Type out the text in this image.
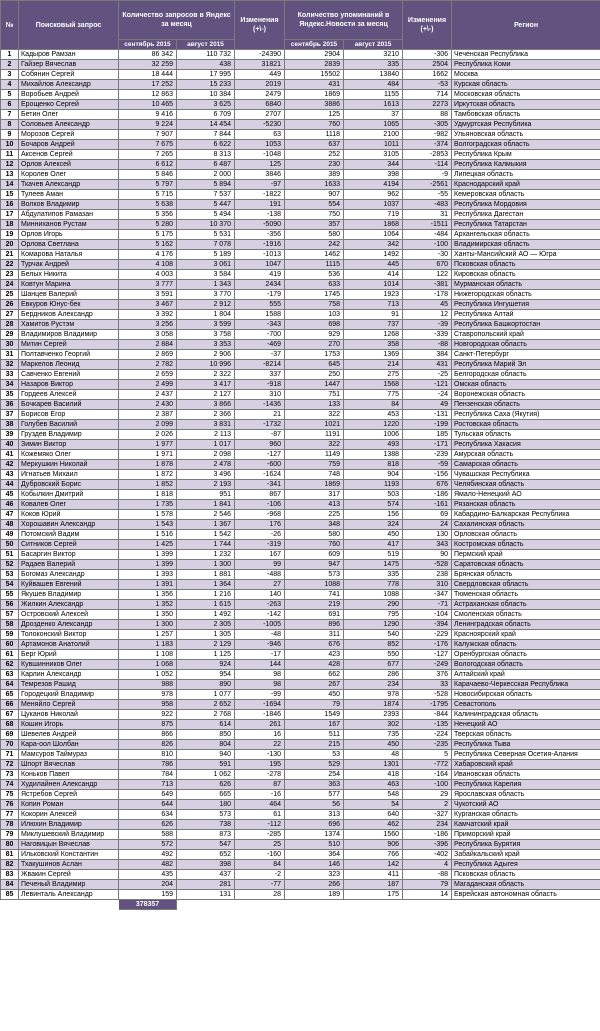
№	Поисковый запрос	Количество запросов в Яндекс за месяц		Изменения (+\-)	Количество упоминаний в Яндекс.Новости за месяц		Изменения (+\-)	Регион
		сентябрь 2015	август 2015		сентябрь 2015	август 2015		
1	Кадыров Рамзан	86 342	110 732	-24390	2904	3210	-306	Чеченская Республика
2	Гайзер Вячеслав	32 259	438	31821	2839	335	2504	Республика Коми
3	Собянин Сергей	18 444	17 995	449	15502	13840	1662	Москва
4	Михайлов Александр	17 252	15 233	2019	431	484	-53	Курская область
5	Воробьев Андрей	12 863	10 384	2479	1869	1155	714	Московская область
6	Ерощенко Сергей	10 465	3 625	6840	3886	1613	2273	Иркутская область
7	Бетин Олег	9 416	6 709	2707	125	37	88	Тамбовская область
8	Соловьев Александр	9 224	14 454	-5230	760	1065	-305	Удмуртская Республика
9	Морозов Сергей	7 907	7 844	63	1118	2100	-982	Ульяновская область
10	Бочаров Андрей	7 675	6 622	1053	637	1011	-374	Волгоградская область
11	Аксенов Сергей	7 265	8 313	-1048	252	3105	-2853	Республика Крым
12	Орлов Алексей	6 612	6 487	125	230	344	-114	Республика Калмыкия
13	Королев Олег	5 846	2 000	3846	389	398	-9	Липецкая область
14	Ткачев Александр	5 797	5 894	-97	1633	4194	-2561	Краснодарский край
15	Тулеев Аман	5 715	7 537	-1822	907	962	-55	Кемеровская область
16	Волков Владимир	5 638	5 447	191	554	1037	-483	Республика Мордовия
17	Абдулатипов Рамазан	5 356	5 494	-138	750	719	31	Республика Дагестан
18	Минниханов Рустам	5 280	10 370	-5090	357	1868	-1511	Республика Татарстан
19	Орлов Игорь	5 175	5 531	-356	580	1064	-484	Архангельская область
20	Орлова Светлана	5 162	7 078	-1916	242	342	-100	Владимирская область
21	Комарова Наталья	4 176	5 189	-1013	1462	1492	-30	Ханты-Мансийский АО — Югра
22	Турчак Андрей	4 108	3 061	1047	1115	445	670	Псковская область
23	Белых Никита	4 003	3 584	419	536	414	122	Кировская область
24	Ковтун Марина	3 777	1 343	2434	633	1014	-381	Мурманская область
25	Шанцев Валерий	3 591	3 770	-179	1745	1923	-178	Нижегородская область
26	Евкуров Юнус-бек	3 467	2 912	555	758	713	45	Республика Ингушетия
27	Бердников Александр	3 392	1 804	1588	103	91	12	Республика Алтай
28	Хамитов Рустэм	3 256	3 599	-343	698	737	-39	Республика Башкортостан
29	Владимиров Владимир	3 058	3 758	-700	929	1268	-339	Ставропольский край
30	Митин Сергей	2 884	3 353	-469	270	358	-88	Новгородская область
31	Полтавченко Георгий	2 869	2 906	-37	1753	1369	384	Санкт-Петербург
32	Маркелов Леонид	2 782	10 996	-8214	645	214	431	Республика Марий Эл
33	Савченко Евгений	2 659	2 322	337	250	275	-25	Белгородская область
34	Назаров Виктор	2 499	3 417	-918	1447	1568	-121	Омская область
35	Гордеев Алексей	2 437	2 127	310	751	775	-24	Воронежская область
36	Бочкарев Василий	2 430	3 866	-1436	133	84	49	Пензенская область
37	Борисов Егор	2 387	2 366	21	322	453	-131	Республика Саха (Якутия)
38	Голубев Василий	2 099	3 831	-1732	1021	1220	-199	Ростовская область
39	Груздев Владимир	2 026	2 113	-87	1191	1006	185	Тульская область
40	Зимин Виктор	1 977	1 017	960	322	493	-171	Республика Хакасия
41	Кожемяко Олег	1 971	2 098	-127	1149	1388	-239	Амурская область
42	Меркушкин Николай	1 878	2 478	-600	759	818	-59	Самарская область
43	Игнатьев Михаил	1 872	3 496	-1624	748	904	-156	Чувашская Республика
44	Дубровский Борис	1 852	2 193	-341	1869	1193	676	Челябинская область
45	Кобылкин Дмитрий	1 818	951	867	317	503	-186	Ямало-Ненецкий АО
46	Ковалев Олег	1 735	1 841	-106	413	574	-161	Рязанская область
47	Коков Юрий	1 578	2 546	-968	225	156	69	Кабардино-Балкарская Республика
48	Хорошавин Александр	1 543	1 367	176	348	324	24	Сахалинская область
49	Потомский Вадим	1 516	1 542	-26	580	450	130	Орловская область
50	Ситников Сергей	1 425	1 744	-319	760	417	343	Костромская область
51	Басаргин Виктор	1 399	1 232	167	609	519	90	Пермский край
52	Радаев Валерий	1 399	1 300	99	947	1475	-528	Саратовская область
53	Богомаз Александр	1 393	1 881	-488	573	335	238	Брянская область
54	Куйвашев Евгений	1 391	1 364	27	1088	778	310	Свердловская область
55	Якушев Владимир	1 356	1 216	140	741	1088	-347	Тюменская область
56	Жилкин Александр	1 352	1 615	-263	219	290	-71	Астраханская область
57	Островский Алексей	1 350	1 492	-142	691	795	-104	Смоленская область
58	Дрозденко Александр	1 300	2 305	-1005	896	1290	-394	Ленинградская область
59	Толоконский Виктор	1 257	1 305	-48	311	540	-229	Красноярский край
60	Артамонов Анатолий	1 183	2 129	-946	676	852	-176	Калужская область
61	Берг Юрий	1 108	1 125	-17	423	550	-127	Оренбургская область
62	Кувшинников Олег	1 068	924	144	428	677	-249	Вологодская область
63	Карлин Александр	1 052	954	98	662	286	376	Алтайский край
64	Темрезов Рашид	988	890	98	267	234	33	Карачаево-Черкесская Республика
65	Городецкий Владимир	978	1 077	-99	450	978	-528	Новосибирская область
66	Меняйло Сергей	958	2 652	-1694	79	1874	-1795	Севастополь
67	Цуканов Николай	922	2 768	-1846	1549	2393	-844	Калининградская область
68	Кошин Игорь	875	614	261	167	302	-135	Ненецкий АО
69	Шевелев Андрей	866	850	16	511	735	-224	Тверская область
70	Кара-оол Шолбан	826	804	22	215	450	-235	Республика Тыва
71	Мамсуров Таймураз	810	940	-130	53	48	5	Республика Северная Осетия-Алания
72	Шпорт Вячеслав	786	591	195	529	1301	-772	Хабаровский край
73	Коньков Павел	784	1 062	-278	254	418	-164	Ивановская область
74	Худилайнен Александр	713	626	87	363	463	-100	Республика Карелия
75	Ястребов Сергей	649	665	-16	577	548	29	Ярославская область
76	Копин Роман	644	180	464	56	54	2	Чукотский АО
77	Кокорин Алексей	634	573	61	313	640	-327	Курганская область
78	Илюхин Владимир	626	738	-112	696	462	234	Камчатский край
79	Миклушевский Владимир	588	873	-285	1374	1560	-186	Приморский край
80	Наговицын Вячеслав	572	547	25	510	906	-396	Республика Бурятия
81	Ильковский Константин	492	652	-160	364	766	-402	Забайкальский край
82	Тхакушинов Аслан	482	398	84	146	142	4	Республика Адыгея
83	Жвакин Сергей	435	437	-2	323	411	-88	Псковская область
84	Печеный Владимир	204	281	-77	266	187	79	Магаданская область
85	Левинталь Александр	159	131	28	189	175	14	Еврейская автономная область
		378357						
